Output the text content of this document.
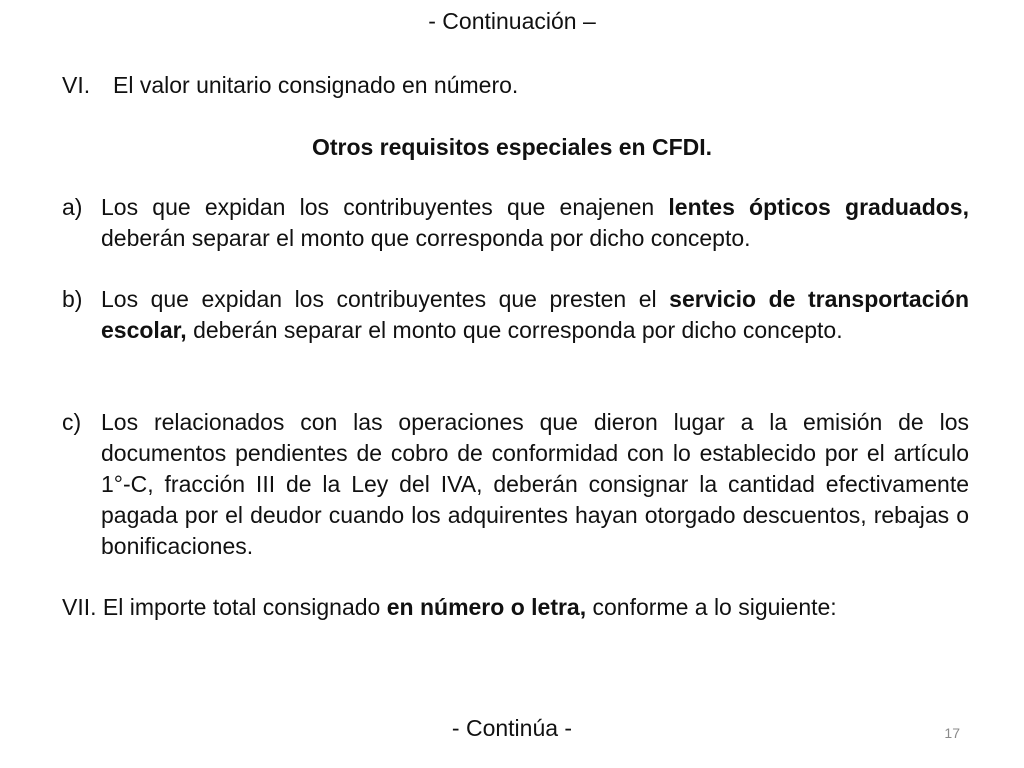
- Continuación –
VI. El valor unitario consignado en número.
Otros requisitos especiales en CFDI.
a) Los que expidan los contribuyentes que enajenen lentes ópticos graduados, deberán separar el monto que corresponda por dicho concepto.
b) Los que expidan los contribuyentes que presten el servicio de transportación escolar, deberán separar el monto que corresponda por dicho concepto.
c) Los relacionados con las operaciones que dieron lugar a la emisión de los documentos pendientes de cobro de conformidad con lo establecido por el artículo 1°-C, fracción III de la Ley del IVA, deberán consignar la cantidad efectivamente pagada por el deudor cuando los adquirentes hayan otorgado descuentos, rebajas o bonificaciones.
VII. El importe total consignado en número o letra, conforme a lo siguiente:
- Continúa -	17
